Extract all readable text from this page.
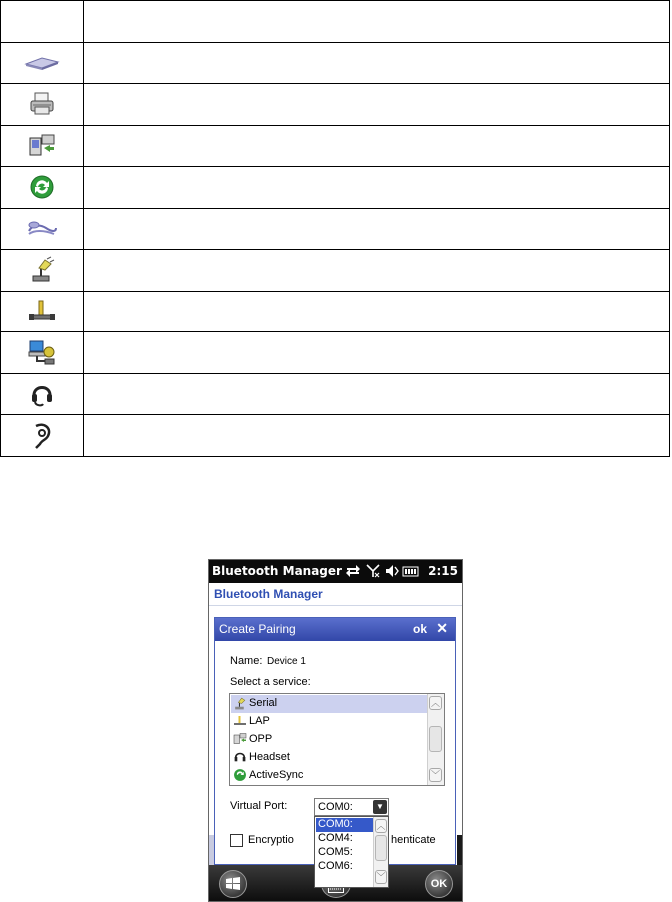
Bluetooth Manager	2:15
Bluetooth Manager
Create Pairing	ok ✕
Name: Device 1
Select a service:
Serial
LAP
OPP
Headset
ActiveSync
︿
﹀
Virtual Port:	COM0:	▼
Encryptio	henticate
COM0:
COM4:
COM5:
COM6:
︿
﹀
OK
